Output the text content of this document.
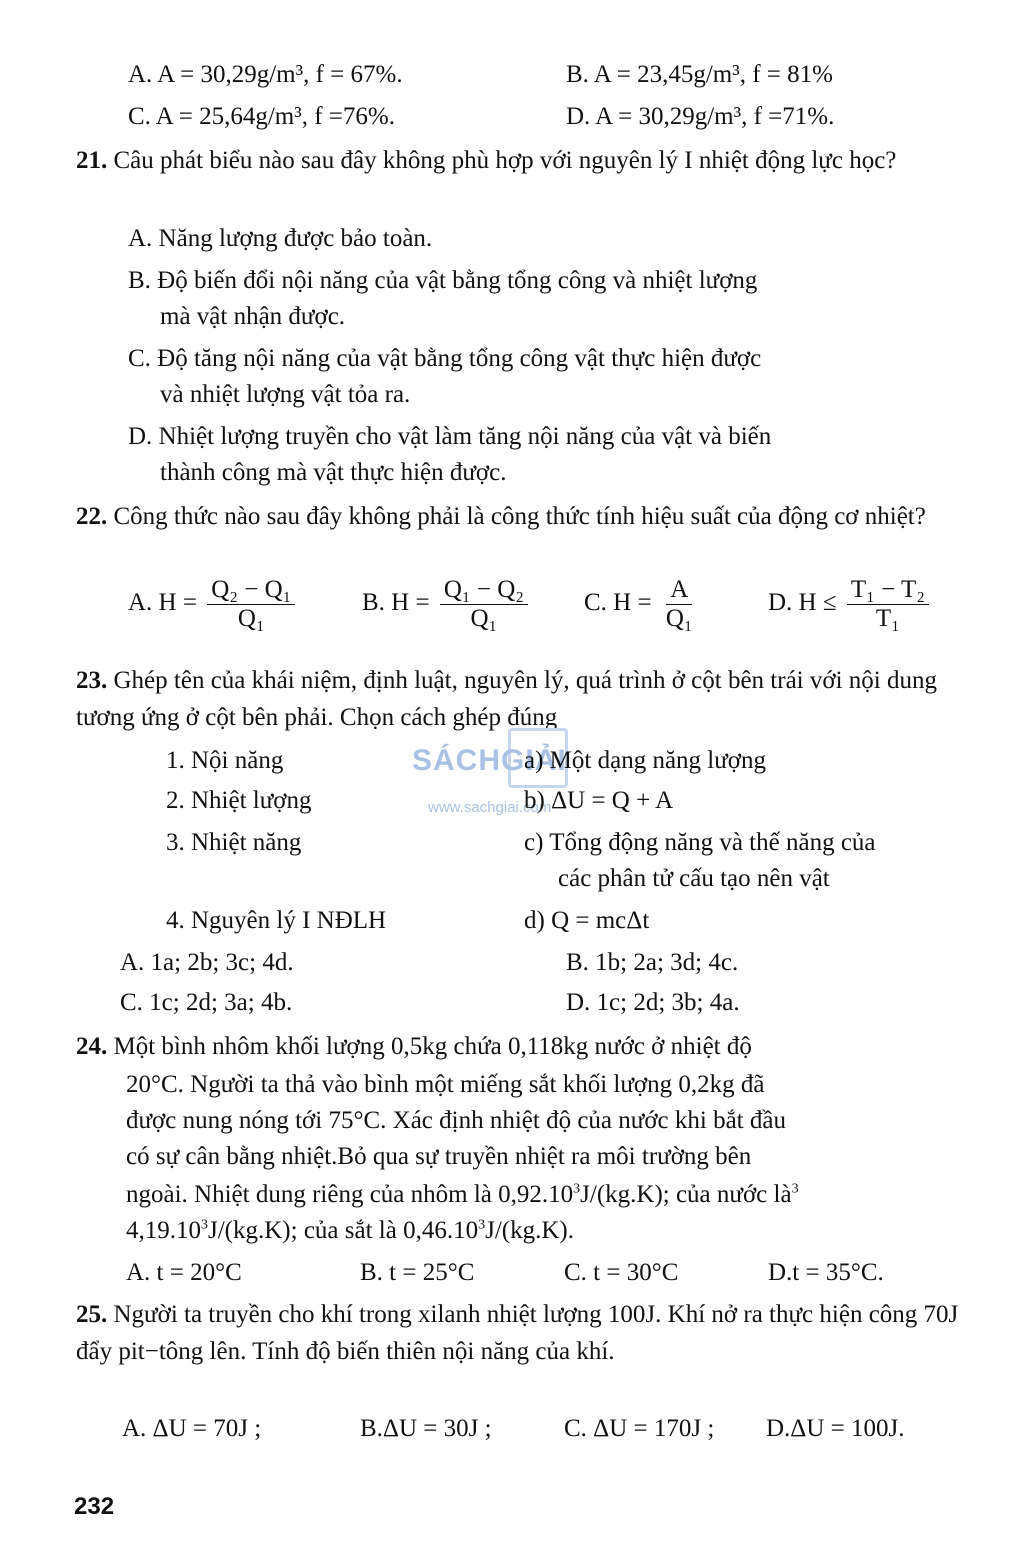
A. A = 30,29g/m³, f = 67%.	B. A = 23,45g/m³, f = 81%
C. A = 25,64g/m³, f =76%.	D. A = 30,29g/m³, f =71%.
21. Câu phát biểu nào sau đây không phù hợp với nguyên lý I nhiệt động lực học?
A. Năng lượng được bảo toàn.
B. Độ biến đổi nội năng của vật bằng tổng công và nhiệt lượng
mà vật nhận được.
C. Độ tăng nội năng của vật bằng tổng công vật thực hiện được
và nhiệt lượng vật tỏa ra.
D. Nhiệt lượng truyền cho vật làm tăng nội năng của vật và biến
thành công mà vật thực hiện được.
22. Công thức nào sau đây không phải là công thức tính hiệu suất của động cơ nhiệt?
A. $H = \frac{\text{Q₂ − Q₁}}{\text{Q₁}}$	B. $H = \frac{\text{Q₁ − Q₂}}{\text{Q₁}} C$. $H = \frac{A}{\text{Q₁}}$	D. $H \le \frac{\text{T₁ − T₂}}{\text{T₁}}$
23. Ghép tên của khái niệm, định luật, nguyên lý, quá trình ở cột bên trái với nội dung tương ứng ở cột bên phải. Chọn cách ghép đúng
SÁCHGIẢI
www.sachgiai.com
1. Nội năng	a) Một dạng năng lượng
2. Nhiệt lượng	b) ΔU = Q + A
3. Nhiệt năng	c) Tổng động năng và thế năng của
các phân tử cấu tạo nên vật
4. Nguyên lý I NĐLH	d) Q = mcΔt
A. 1a; 2b; 3c; 4d.	B. 1b; 2a; 3d; 4c.
C. 1c; 2d; 3a; 4b.	D. 1c; 2d; 3b; 4a.
24. Một bình nhôm khối lượng 0,5kg chứa 0,118kg nước ở nhiệt độ
20°C. Người ta thả vào bình một miếng sắt khối lượng 0,2kg đã
được nung nóng tới 75°C. Xác định nhiệt độ của nước khi bắt đầu
có sự cân bằng nhiệt.Bỏ qua sự truyền nhiệt ra môi trường bên
ngoài. Nhiệt dung riêng của nhôm là 0,92.10$^3$J/(kg.K); của nước $là^3$
4,19.10$^3$J/(kg.K); của sắt là 0,46.10$^3$J/(kg.K).
A. t = 20°C	B. t = 25°C	C. t = 30°C	D.t = 35°C.
25. Người ta truyền cho khí trong xilanh nhiệt lượng 100J. Khí nở ra thực hiện công 70J đẩy pit−tông lên. Tính độ biến thiên nội năng của khí.
A. ΔU = 70J ;	B.ΔU = 30J ;	C. ΔU = 170J ; D.ΔU = 100J.
232
